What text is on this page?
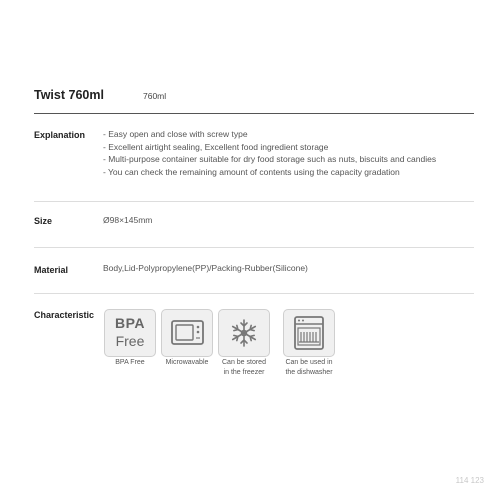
Twist 760ml	760ml
Explanation - Easy open and close with screw type
- Excellent airtight sealing, Excellent food ingredient storage
- Multi-purpose container suitable for dry food storage such as nuts, biscuits and candies
- You can check the remaining amount of contents using the capacity gradation
Size	Ø98×145mm
Material	Body,Lid-Polypropylene(PP)/Packing-Rubber(Silicone)
Characteristic	BPA
Free
BPA Free	Microwavable	Can be stored
in the freezer
Can be used in
the dishwasher
114 123
